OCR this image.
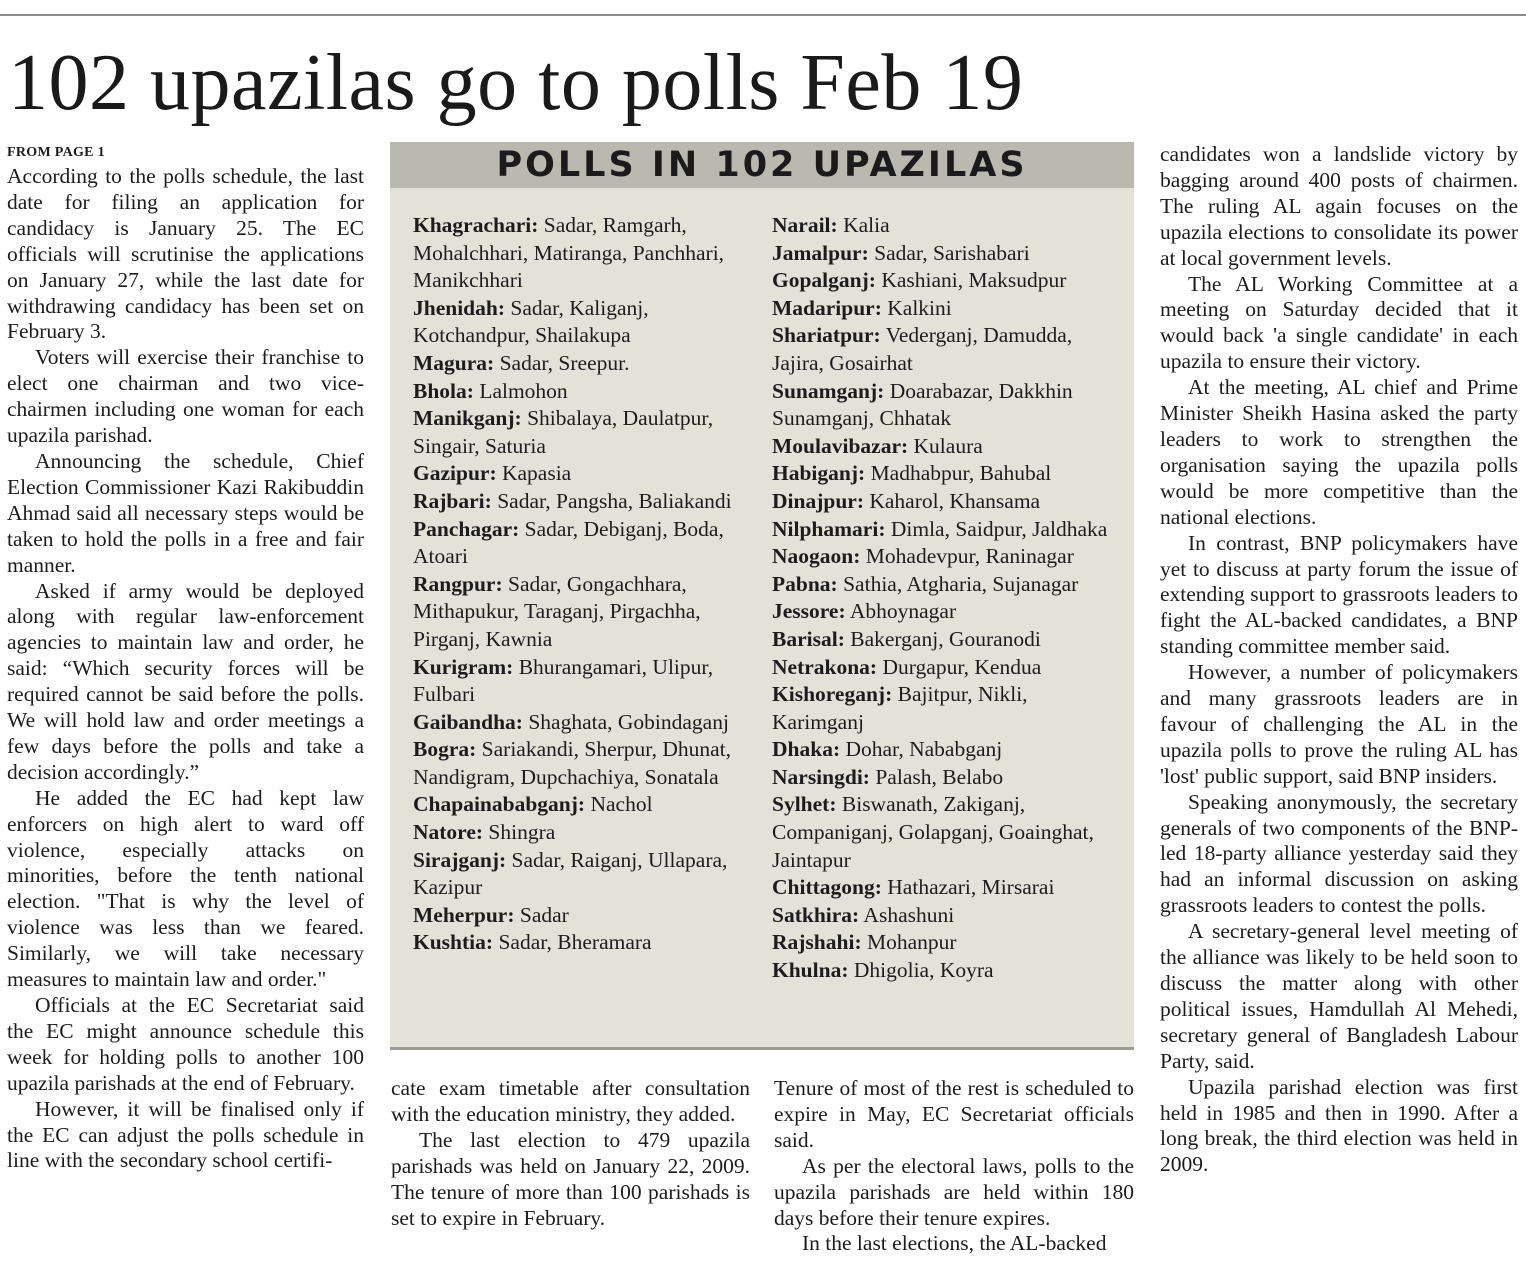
102 upazilas go to polls Feb 19

FROM PAGE 1

According to the polls schedule, the last date for filing an application for candidacy is January 25. The EC officials will scrutinise the applications on January 27, while the last date for withdrawing candidacy has been set on February 3.

Voters will exercise their franchise to elect one chairman and two vice-chairmen including one woman for each upazila parishad.

Announcing the schedule, Chief Election Commissioner Kazi Rakibuddin Ahmad said all necessary steps would be taken to hold the polls in a free and fair manner.

Asked if army would be deployed along with regular law-enforcement agencies to maintain law and order, he said: “Which security forces will be required cannot be said before the polls. We will hold law and order meetings a few days before the polls and take a decision accordingly.”

He added the EC had kept law enforcers on high alert to ward off violence, especially attacks on minorities, before the tenth national election. "That is why the level of violence was less than we feared. Similarly, we will take necessary measures to maintain law and order."

Officials at the EC Secretariat said the EC might announce schedule this week for holding polls to another 100 upazila parishads at the end of February.

However, it will be finalised only if the EC can adjust the polls schedule in line with the secondary school certifi-

POLLS IN 102 UPAZILAS

Khagrachari: Sadar, Ramgarh, Mohalchhari, Matiranga, Panchhari, Manikchhari

Jhenidah: Sadar, Kaliganj, Kotchandpur, Shailakupa

Magura: Sadar, Sreepur.

Bhola: Lalmohon

Manikganj: Shibalaya, Daulatpur, Singair, Saturia

Gazipur: Kapasia

Rajbari: Sadar, Pangsha, Baliakandi

Panchagar: Sadar, Debiganj, Boda, Atoari

Rangpur: Sadar, Gongachhara, Mithapukur, Taraganj, Pirgachha, Pirganj, Kawnia

Kurigram: Bhurangamari, Ulipur, Fulbari

Gaibandha: Shaghata, Gobindaganj

Bogra: Sariakandi, Sherpur, Dhunat, Nandigram, Dupchachiya, Sonatala

Chapainababganj: Nachol

Natore: Shingra

Sirajganj: Sadar, Raiganj, Ullapara, Kazipur

Meherpur: Sadar

Kushtia: Sadar, Bheramara

Narail: Kalia

Jamalpur: Sadar, Sarishabari

Gopalganj: Kashiani, Maksudpur

Madaripur: Kalkini

Shariatpur: Vederganj, Damudda, Jajira, Gosairhat

Sunamganj: Doarabazar, Dakkhin Sunamganj, Chhatak

Moulavibazar: Kulaura

Habiganj: Madhabpur, Bahubal

Dinajpur: Kaharol, Khansama

Nilphamari: Dimla, Saidpur, Jaldhaka

Naogaon: Mohadevpur, Raninagar

Pabna: Sathia, Atgharia, Sujanagar

Jessore: Abhoynagar

Barisal: Bakerganj, Gouranodi

Netrakona: Durgapur, Kendua

Kishoreganj: Bajitpur, Nikli, Karimganj

Dhaka: Dohar, Nababganj

Narsingdi: Palash, Belabo

Sylhet: Biswanath, Zakiganj, Companiganj, Golapganj, Goainghat, Jaintapur

Chittagong: Hathazari, Mirsarai

Satkhira: Ashashuni

Rajshahi: Mohanpur

Khulna: Dhigolia, Koyra

cate exam timetable after consultation with the education ministry, they added.

The last election to 479 upazila parishads was held on January 22, 2009. The tenure of more than 100 parishads is set to expire in February.

Tenure of most of the rest is scheduled to expire in May, EC Secretariat officials said.

As per the electoral laws, polls to the upazila parishads are held within 180 days before their tenure expires.

In the last elections, the AL-backed

candidates won a landslide victory by bagging around 400 posts of chairmen. The ruling AL again focuses on the upazila elections to consolidate its power at local government levels.

The AL Working Committee at a meeting on Saturday decided that it would back 'a single candidate' in each upazila to ensure their victory.

At the meeting, AL chief and Prime Minister Sheikh Hasina asked the party leaders to work to strengthen the organisation saying the upazila polls would be more competitive than the national elections.

In contrast, BNP policymakers have yet to discuss at party forum the issue of extending support to grassroots leaders to fight the AL-backed candidates, a BNP standing committee member said.

However, a number of policymakers and many grassroots leaders are in favour of challenging the AL in the upazila polls to prove the ruling AL has 'lost' public support, said BNP insiders.

Speaking anonymously, the secretary generals of two components of the BNP-led 18-party alliance yesterday said they had an informal discussion on asking grassroots leaders to contest the polls.

A secretary-general level meeting of the alliance was likely to be held soon to discuss the matter along with other political issues, Hamdullah Al Mehedi, secretary general of Bangladesh Labour Party, said.

Upazila parishad election was first held in 1985 and then in 1990. After a long break, the third election was held in 2009.
